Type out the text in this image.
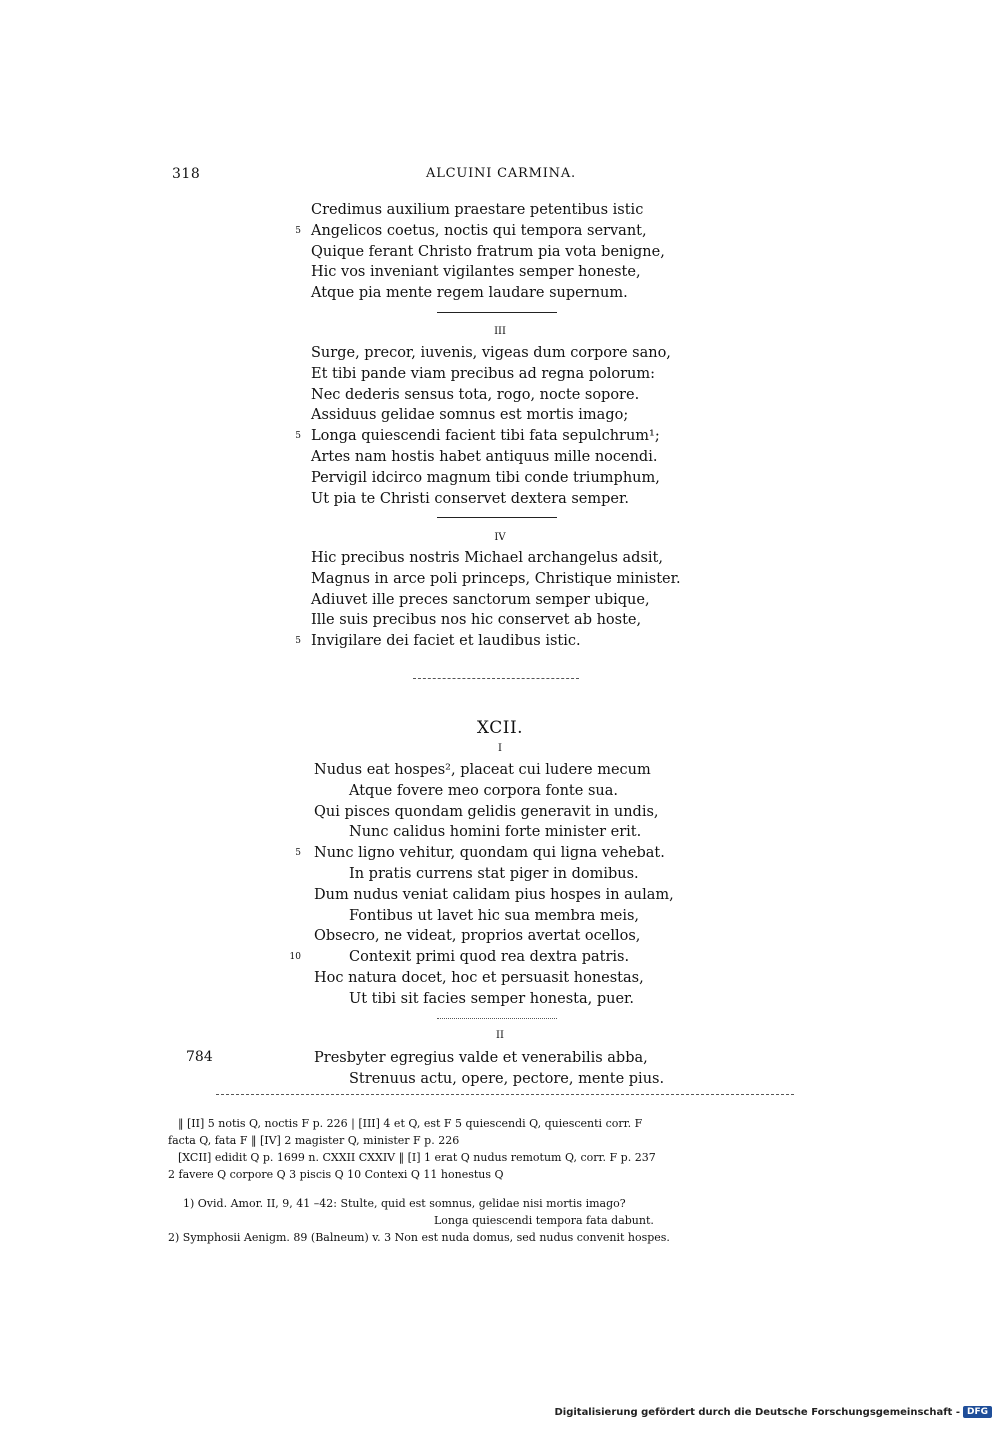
318	ALCUINI CARMINA.
Credimus auxilium praestare petentibus istic
5 Angelicos coetus, noctis qui tempora servant,
Quique ferant Christo fratrum pia vota benigne,
Hic vos inveniant vigilantes semper honeste,
Atque pia mente regem laudare supernum.
III
Surge, precor, iuvenis, vigeas dum corpore sano,
Et tibi pande viam precibus ad regna polorum:
Nec dederis sensus tota, rogo, nocte sopore.
Assiduus gelidae somnus est mortis imago;
5 Longa quiescendi facient tibi fata sepulchrum¹;
Artes nam hostis habet antiquus mille nocendi.
Pervigil idcirco magnum tibi conde triumphum,
Ut pia te Christi conservet dextera semper.
IV
Hic precibus nostris Michael archangelus adsit,
Magnus in arce poli princeps, Christique minister.
Adiuvet ille preces sanctorum semper ubique,
Ille suis precibus nos hic conservet ab hoste,
5 Invigilare dei faciet et laudibus istic.
XCII.
I
Nudus eat hospes², placeat cui ludere mecum
Atque fovere meo corpora fonte sua.
Qui pisces quondam gelidis generavit in undis,
Nunc calidus homini forte minister erit.
5 Nunc ligno vehitur, quondam qui ligna vehebat.
In pratis currens stat piger in domibus.
Dum nudus veniat calidam pius hospes in aulam,
Fontibus ut lavet hic sua membra meis,
Obsecro, ne videat, proprios avertat ocellos,
10	Contexit primi quod rea dextra patris.
Hoc natura docet, hoc et persuasit honestas,
Ut tibi sit facies semper honesta, puer.
II
784	Presbyter egregius valde et venerabilis abba,
Strenuus actu, opere, pectore, mente pius.
‖ [II] 5 notis Q, noctis F p. 226 | [III] 4 et Q, est F 5 quiescendi Q, quiescenti corr. F
facta Q, fata F ‖ [IV] 2 magister Q, minister F p. 226
[XCII] edidit Q p. 1699 n. CXXII CXXIV ‖ [I] 1 erat Q nudus remotum Q, corr. F p. 237
2 favere Q corpore Q 3 piscis Q 10 Contexi Q 11 honestus Q
1) Ovid. Amor. II, 9, 41 –42: Stulte, quid est somnus, gelidae nisi mortis imago?
Longa quiescendi tempora fata dabunt.
2) Symphosii Aenigm. 89 (Balneum) v. 3 Non est nuda domus, sed nudus convenit hospes.
Digitalisierung gefördert durch die Deutsche Forschungsgemeinschaft - DFG
